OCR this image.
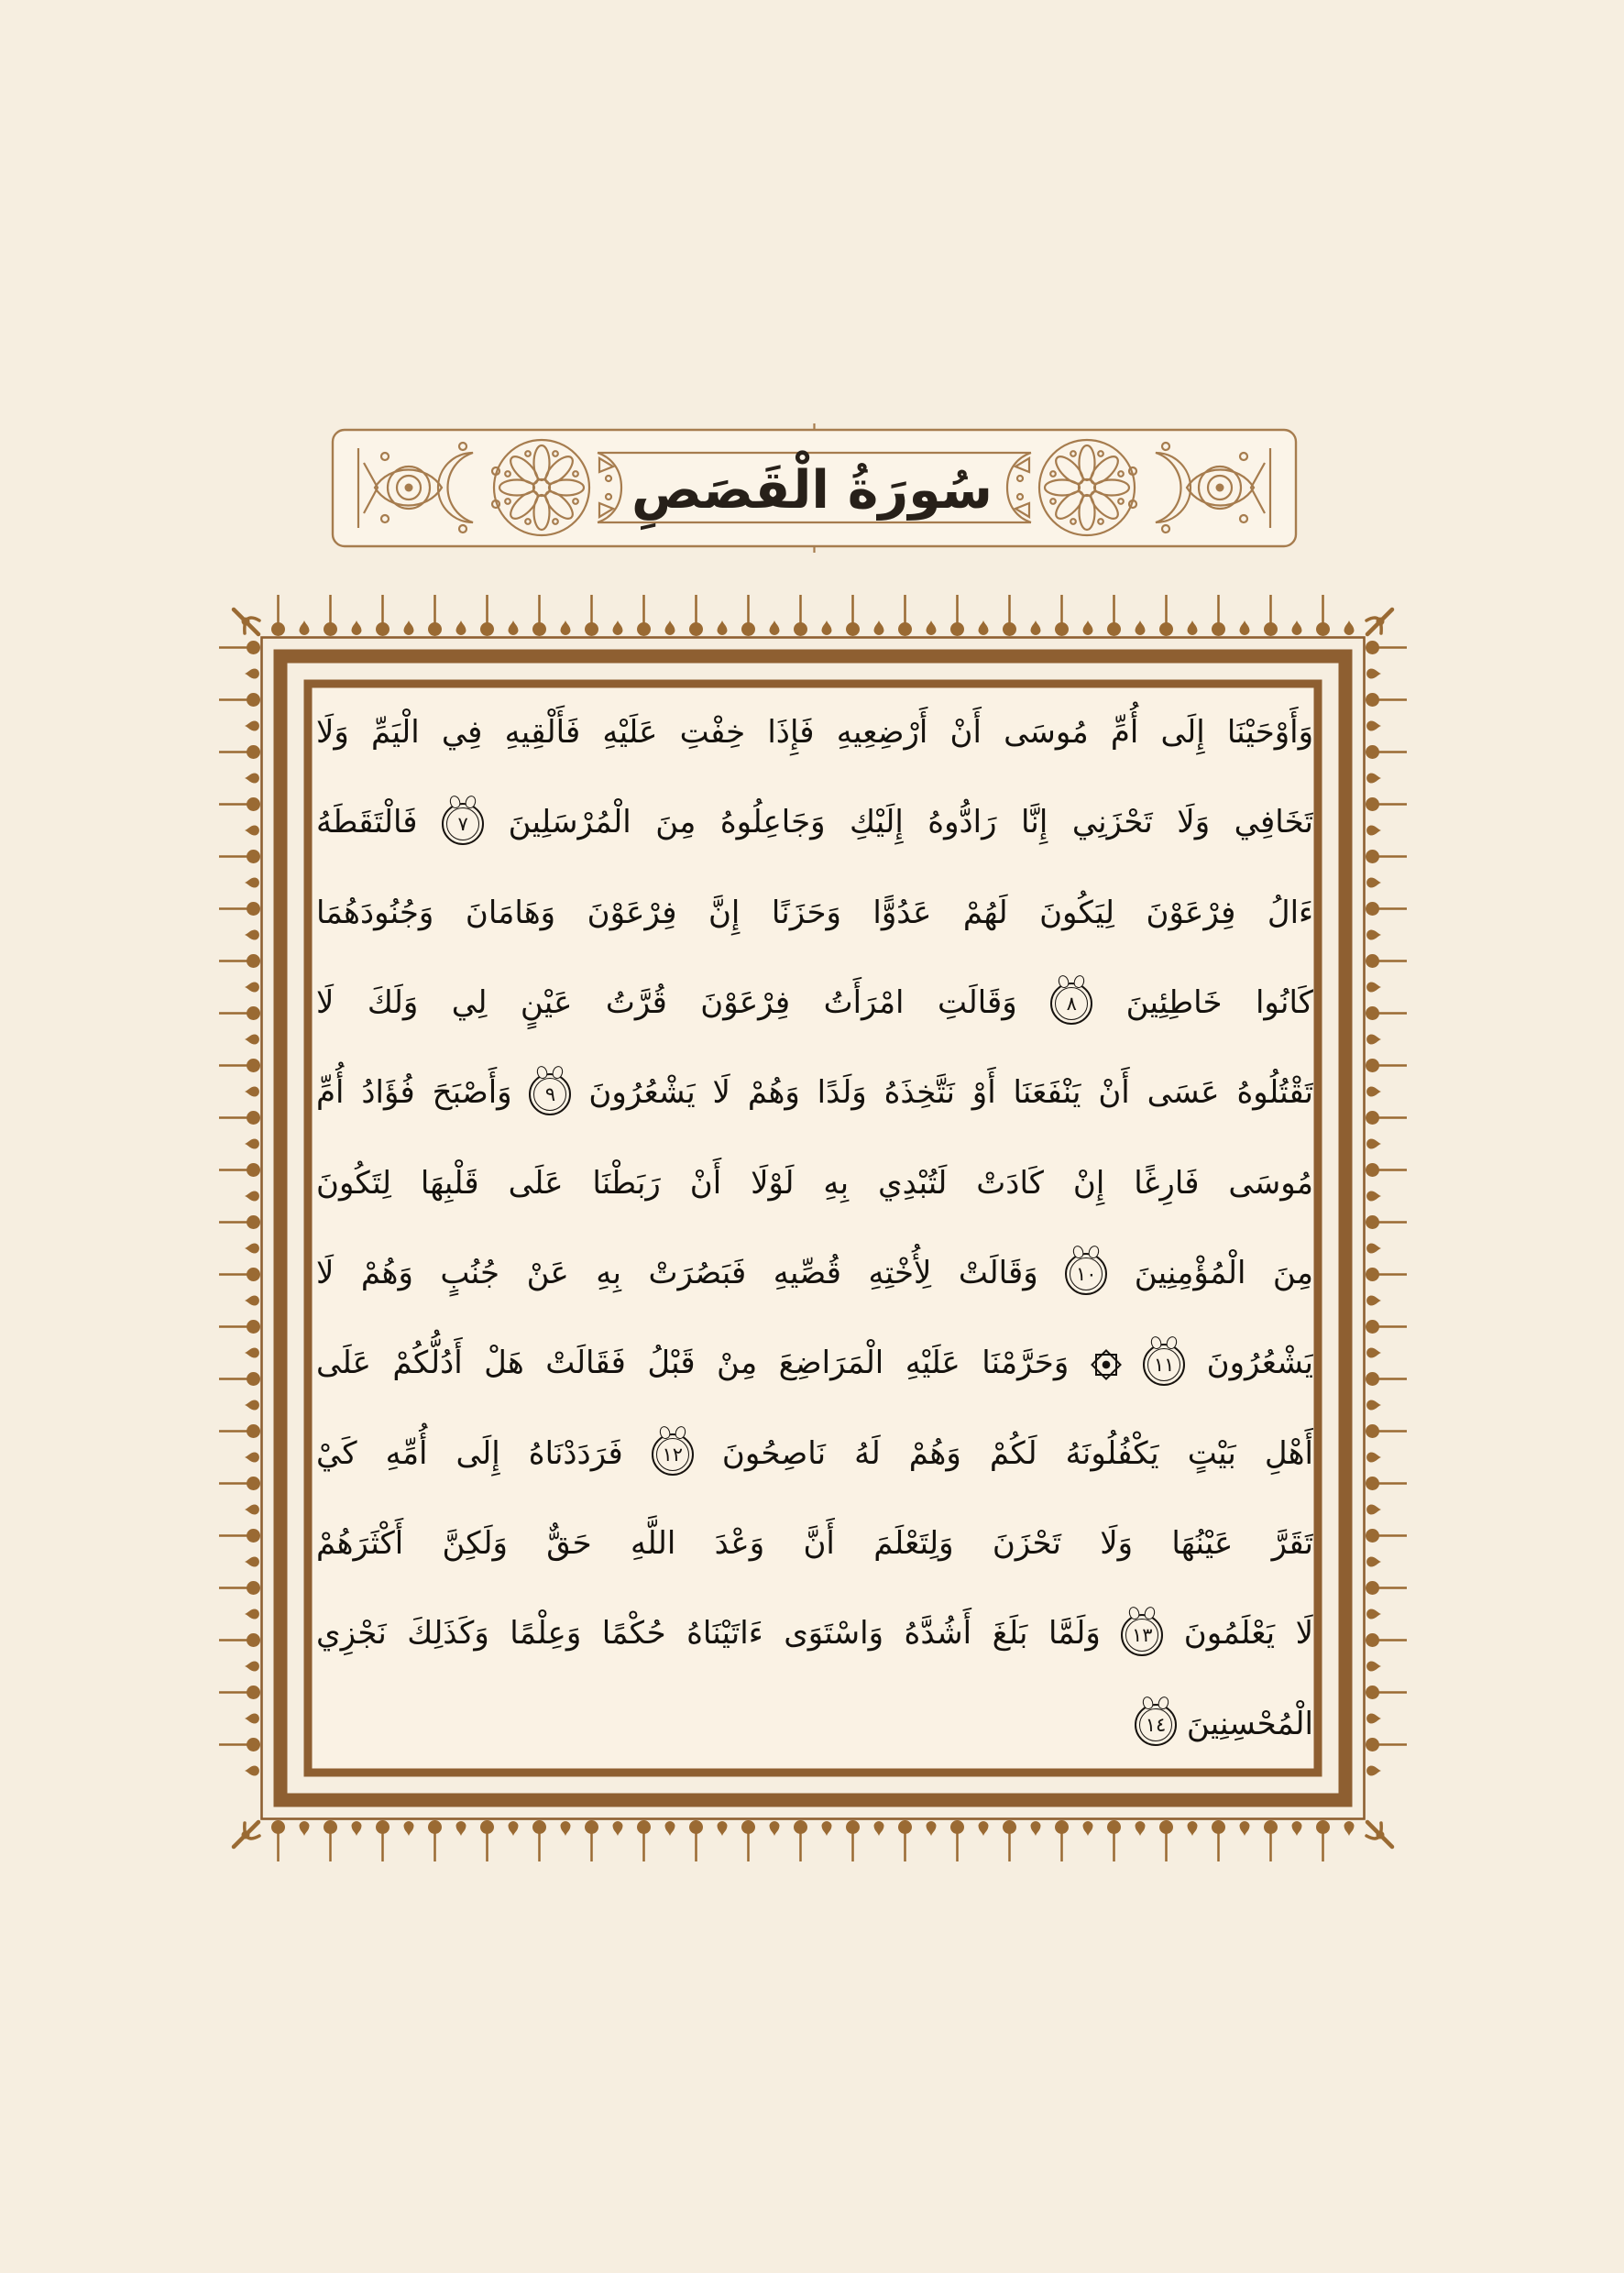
سُورَةُ الْقَصَصِ
وَأَوْحَيْنَا إِلَى أُمِّ مُوسَى أَنْ أَرْضِعِيهِ فَإِذَا خِفْتِ عَلَيْهِ فَأَلْقِيهِ فِي الْيَمِّ وَلَا
تَخَافِي وَلَا تَحْزَنِي إِنَّا رَادُّوهُ إِلَيْكِ وَجَاعِلُوهُ مِنَ الْمُرْسَلِينَ
٧
فَالْتَقَطَهُ
ءَالُ فِرْعَوْنَ لِيَكُونَ لَهُمْ عَدُوًّا وَحَزَنًا إِنَّ فِرْعَوْنَ وَهَامَانَ وَجُنُودَهُمَا
كَانُوا خَاطِئِينَ
٨
وَقَالَتِ امْرَأَتُ فِرْعَوْنَ قُرَّتُ عَيْنٍ لِي وَلَكَ لَا
تَقْتُلُوهُ عَسَى أَنْ يَنْفَعَنَا أَوْ نَتَّخِذَهُ وَلَدًا وَهُمْ لَا يَشْعُرُونَ
٩
وَأَصْبَحَ فُؤَادُ أُمِّ
مُوسَى فَارِغًا إِنْ كَادَتْ لَتُبْدِي بِهِ لَوْلَا أَنْ رَبَطْنَا عَلَى قَلْبِهَا لِتَكُونَ
مِنَ الْمُؤْمِنِينَ
١٠
وَقَالَتْ لِأُخْتِهِ قُصِّيهِ فَبَصُرَتْ بِهِ عَنْ جُنُبٍ وَهُمْ لَا
يَشْعُرُونَ
١١
وَحَرَّمْنَا عَلَيْهِ الْمَرَاضِعَ مِنْ قَبْلُ فَقَالَتْ هَلْ أَدُلُّكُمْ عَلَى
أَهْلِ بَيْتٍ يَكْفُلُونَهُ لَكُمْ وَهُمْ لَهُ نَاصِحُونَ
١٢
فَرَدَدْنَاهُ إِلَى أُمِّهِ كَيْ
تَقَرَّ عَيْنُهَا وَلَا تَحْزَنَ وَلِتَعْلَمَ أَنَّ وَعْدَ اللَّهِ حَقٌّ وَلَكِنَّ أَكْثَرَهُمْ
لَا يَعْلَمُونَ
١٣
وَلَمَّا بَلَغَ أَشُدَّهُ وَاسْتَوَى ءَاتَيْنَاهُ حُكْمًا وَعِلْمًا وَكَذَلِكَ نَجْزِي
الْمُحْسِنِينَ
١٤
